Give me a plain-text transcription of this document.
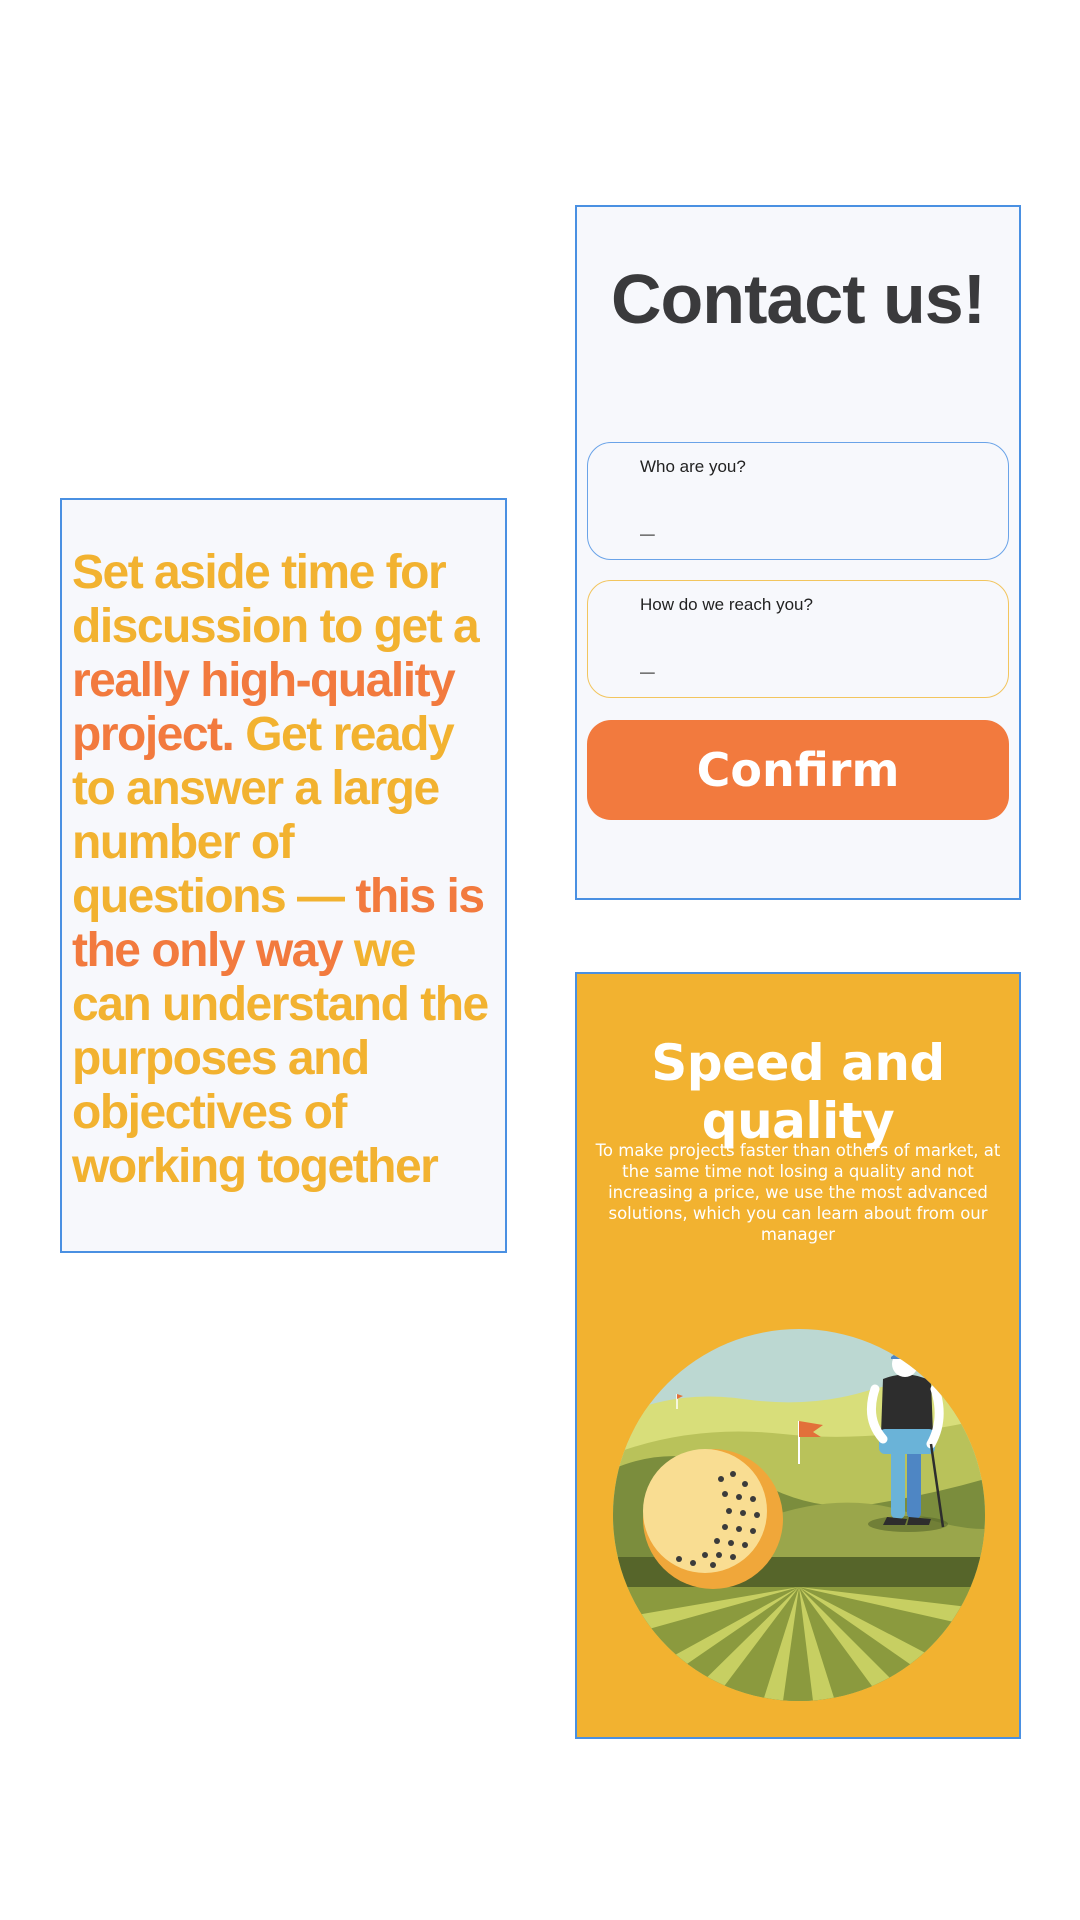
Set aside time for discussion to get a really high-quality project. Get ready to answer a large number of questions — this is the only way we can understand the purposes and objectives of working together

Contact us!
Who are you?
_
How do we reach you?
_
Confirm
Speed and quality
To make projects faster than others of market, at the same time not losing a quality and not increasing a price, we use the most advanced solutions, which you can learn about from our manager
